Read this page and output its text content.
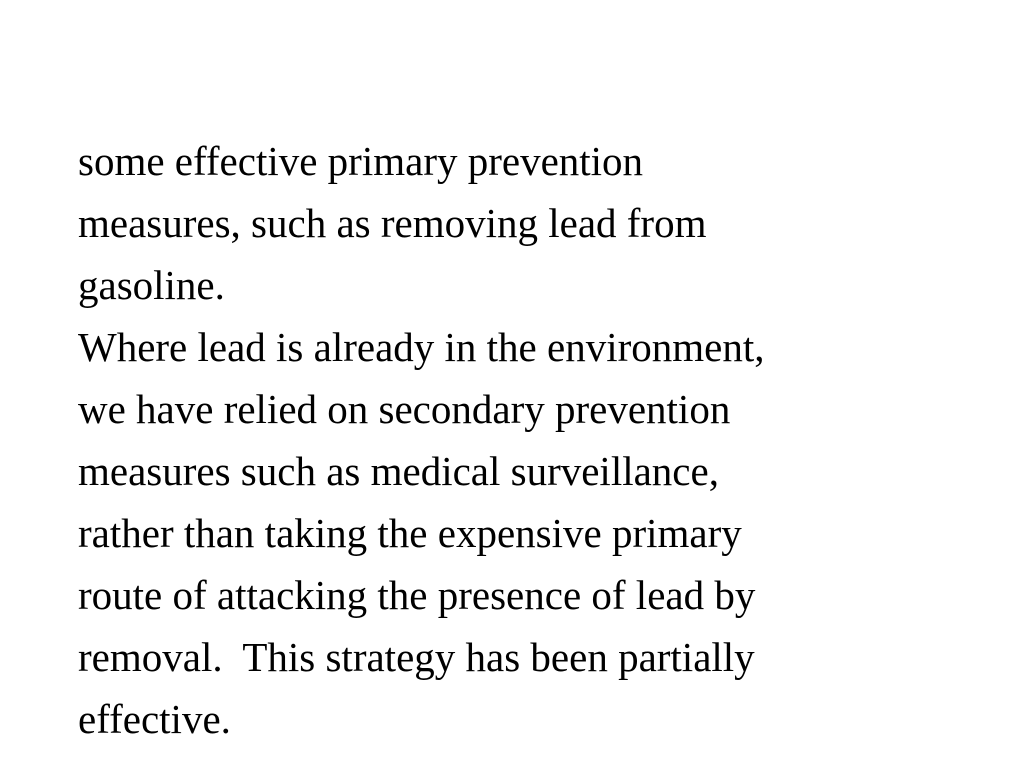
some effective primary prevention
measures, such as removing lead from
gasoline.
Where lead is already in the environment,
we have relied on secondary prevention
measures such as medical surveillance,
rather than taking the expensive primary
route of attacking the presence of lead by
removal.  This strategy has been partially
effective.
